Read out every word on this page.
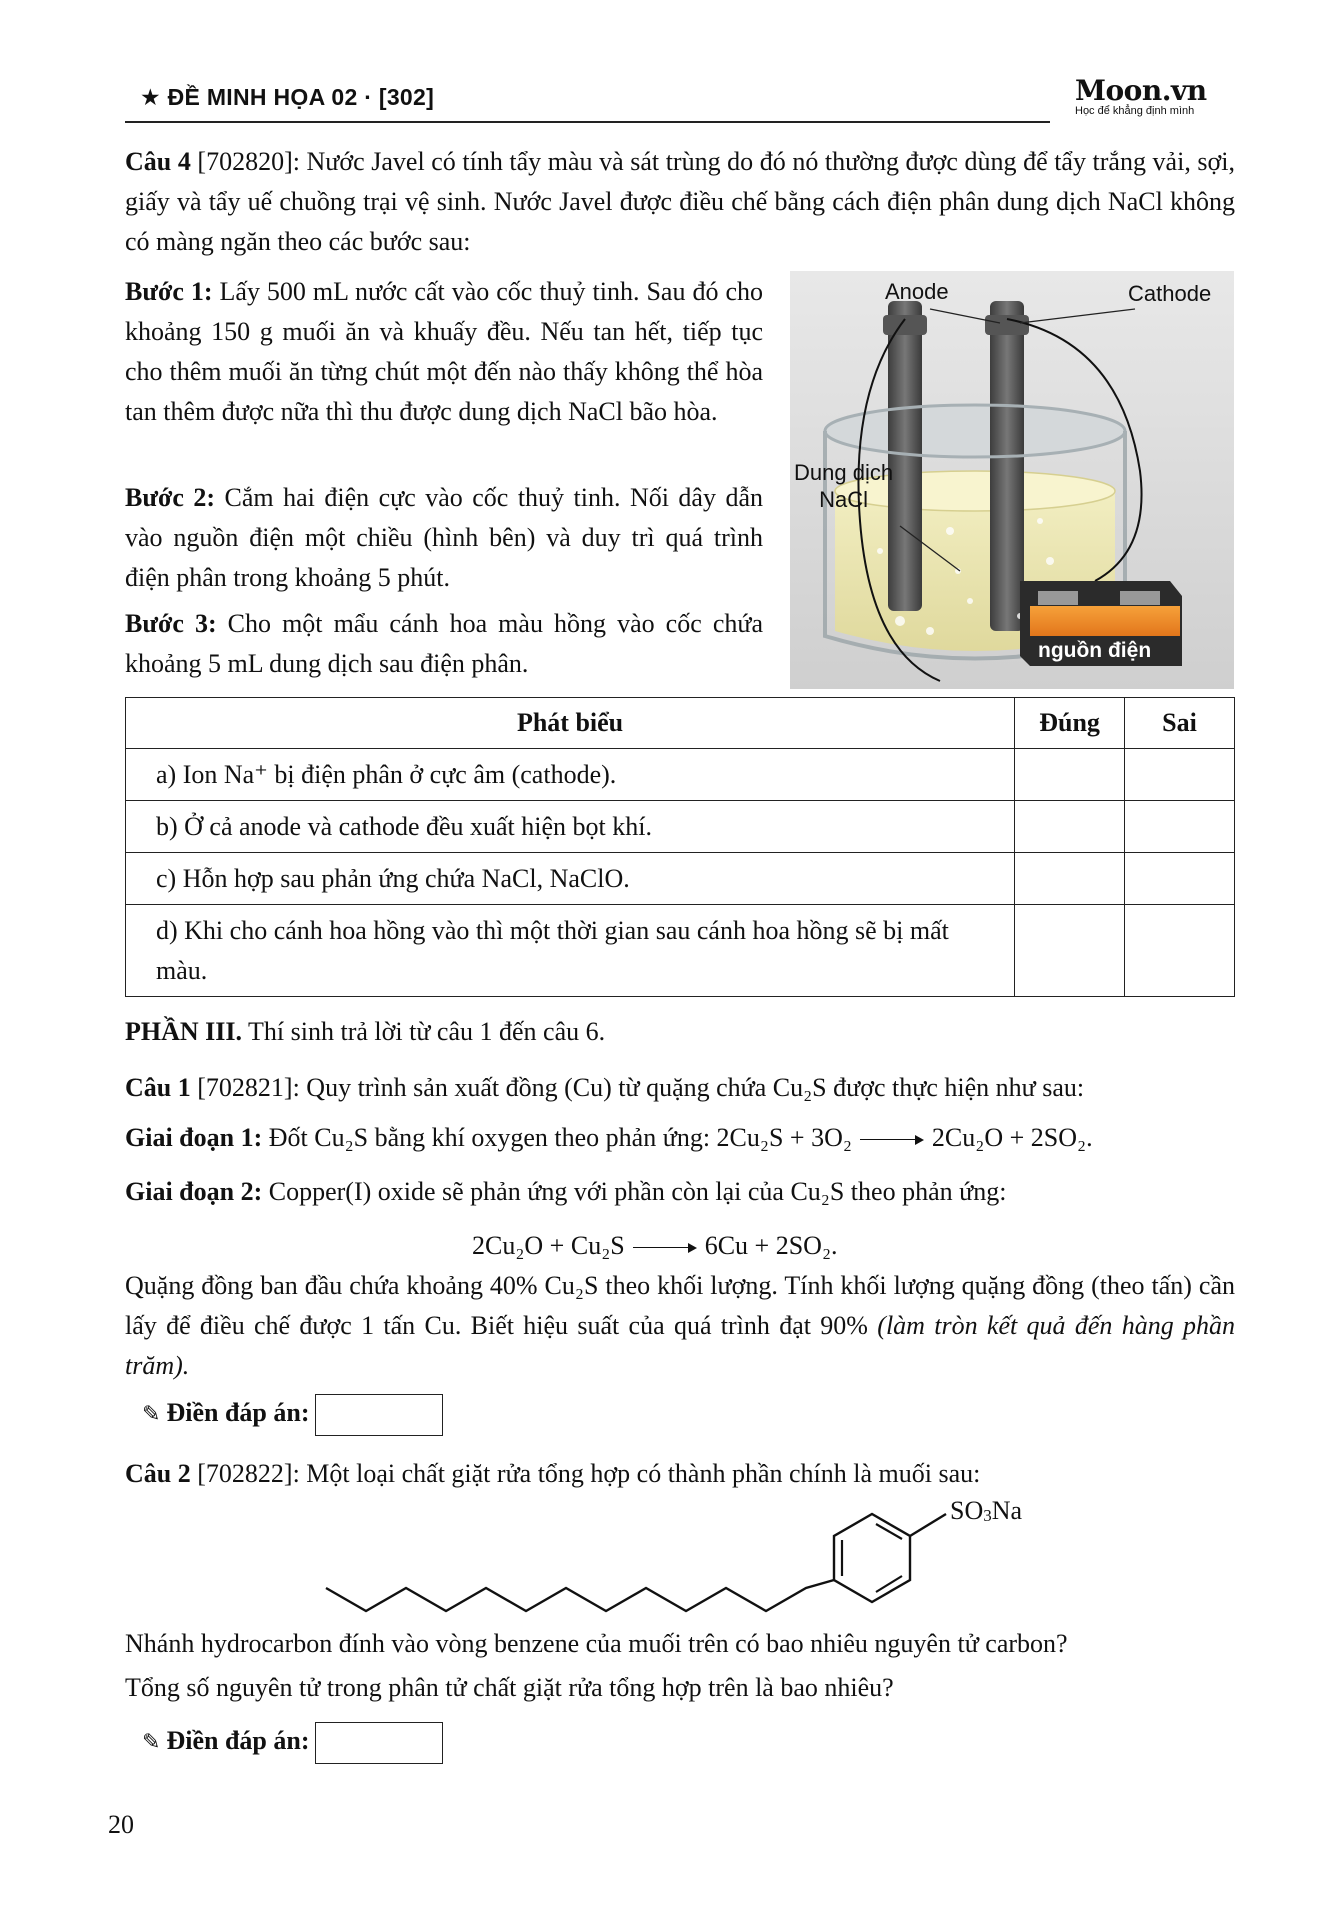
★ ĐỀ MINH HỌA 02 · [302]	Moon.vn
Học để khẳng định mình
Câu 4 [702820]: Nước Javel có tính tẩy màu và sát trùng do đó nó thường được dùng để tẩy trắng vải, sợi, giấy và tẩy uế chuồng trại vệ sinh. Nước Javel được điều chế bằng cách điện phân dung dịch NaCl không có màng ngăn theo các bước sau:
Bước 1: Lấy 500 mL nước cất vào cốc thuỷ tinh. Sau đó cho khoảng 150 g muối ăn và khuấy đều. Nếu tan hết, tiếp tục cho thêm muối ăn từng chút một đến nào thấy không thể hòa tan thêm được nữa thì thu được dung dịch NaCl bão hòa.
Bước 2: Cắm hai điện cực vào cốc thuỷ tinh. Nối dây dẫn vào nguồn điện một chiều (hình bên) và duy trì quá trình điện phân trong khoảng 5 phút.
Bước 3: Cho một mẩu cánh hoa màu hồng vào cốc chứa khoảng 5 mL dung dịch sau điện phân.
Anode	Cathode
Dung dịch
NaCl
nguồn điện
Phát biểu	Đúng	Sai
a) Ion Na⁺ bị điện phân ở cực âm (cathode).		
b) Ở cả anode và cathode đều xuất hiện bọt khí.		
c) Hỗn hợp sau phản ứng chứa NaCl, NaClO.		
d) Khi cho cánh hoa hồng vào thì một thời gian sau cánh hoa hồng sẽ bị mất màu.		
PHẦN III. Thí sinh trả lời từ câu 1 đến câu 6.
Câu 1 [702821]: Quy trình sản xuất đồng (Cu) từ quặng chứa Cu₂S được thực hiện như sau:
Giai đoạn 1: Đốt Cu₂S bằng khí oxygen theo phản ứng: 2Cu₂S + 3O₂	2Cu₂O + 2SO₂.
Giai đoạn 2: Copper(I) oxide sẽ phản ứng với phần còn lại của Cu₂S theo phản ứng:
2Cu₂O + Cu₂S	6Cu + 2SO₂.
Quặng đồng ban đầu chứa khoảng 40% Cu₂S theo khối lượng. Tính khối lượng quặng đồng (theo tấn) cần lấy để điều chế được 1 tấn Cu. Biết hiệu suất của quá trình đạt 90% (làm tròn kết quả đến hàng phần trăm).
✎ Điền đáp án:
Câu 2 [702822]: Một loại chất giặt rửa tổng hợp có thành phần chính là muối sau:
$SO_3Na$
Nhánh hydrocarbon đính vào vòng benzene của muối trên có bao nhiêu nguyên tử carbon?
Tổng số nguyên tử trong phân tử chất giặt rửa tổng hợp trên là bao nhiêu?
✎ Điền đáp án:
20
